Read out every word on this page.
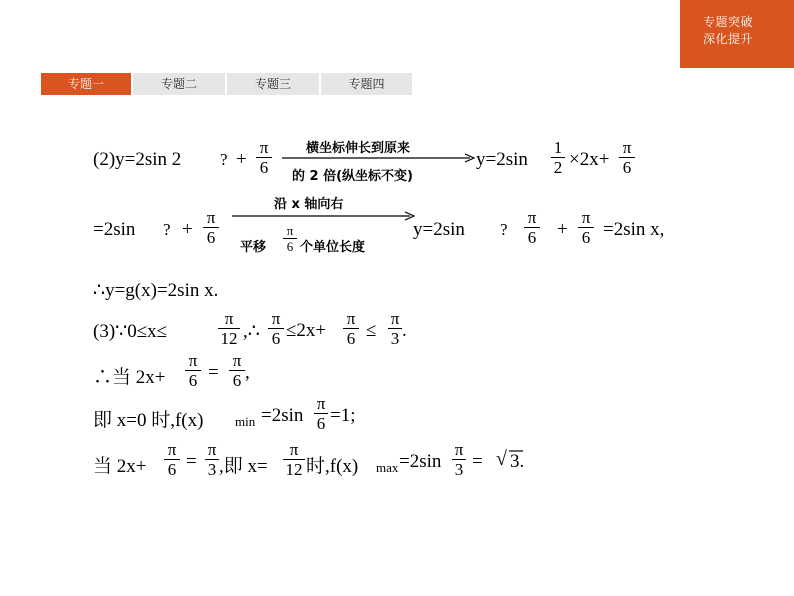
专题突破
深化提升
专题一	专题二	专题三	专题四
(2)y=2sin 2 ? + $\frac{\pi}{6}$	横坐标伸长到原来
的 2 倍(纵坐标不变)
$y=2\sin \frac{1}{2} \times 2x+ \frac{\pi}{6}$
=2sin ? + $\frac{\pi}{6}$
沿 x 轴向右
平移 $\frac{\pi}{6}$ 个单位长度
y=2sin ? $\frac{\pi}{6} + \frac{\pi}{6} =2\sin$ x,
∴y=g(x)=2sin x.
(3)∵0≤x≤	$\frac{\pi}{12}$ ,∴ $\frac{\pi}{6} \le 2x+ \frac{\pi}{6} \le \frac{\pi}{3}$ .
∴当 $2x+ \frac{\pi}{6} = \frac{\pi}{6}$ ,
即 x=0 时,f(x) $\min =2\sin \frac{\pi}{6} =1$;
当 $2x+ \frac{\pi}{6} = \frac{\pi}{3}$ ,即 $x= \frac{\pi}{12}$ 时,f(x) $\max =2\sin \frac{\pi}{3}$ = √ 3.
